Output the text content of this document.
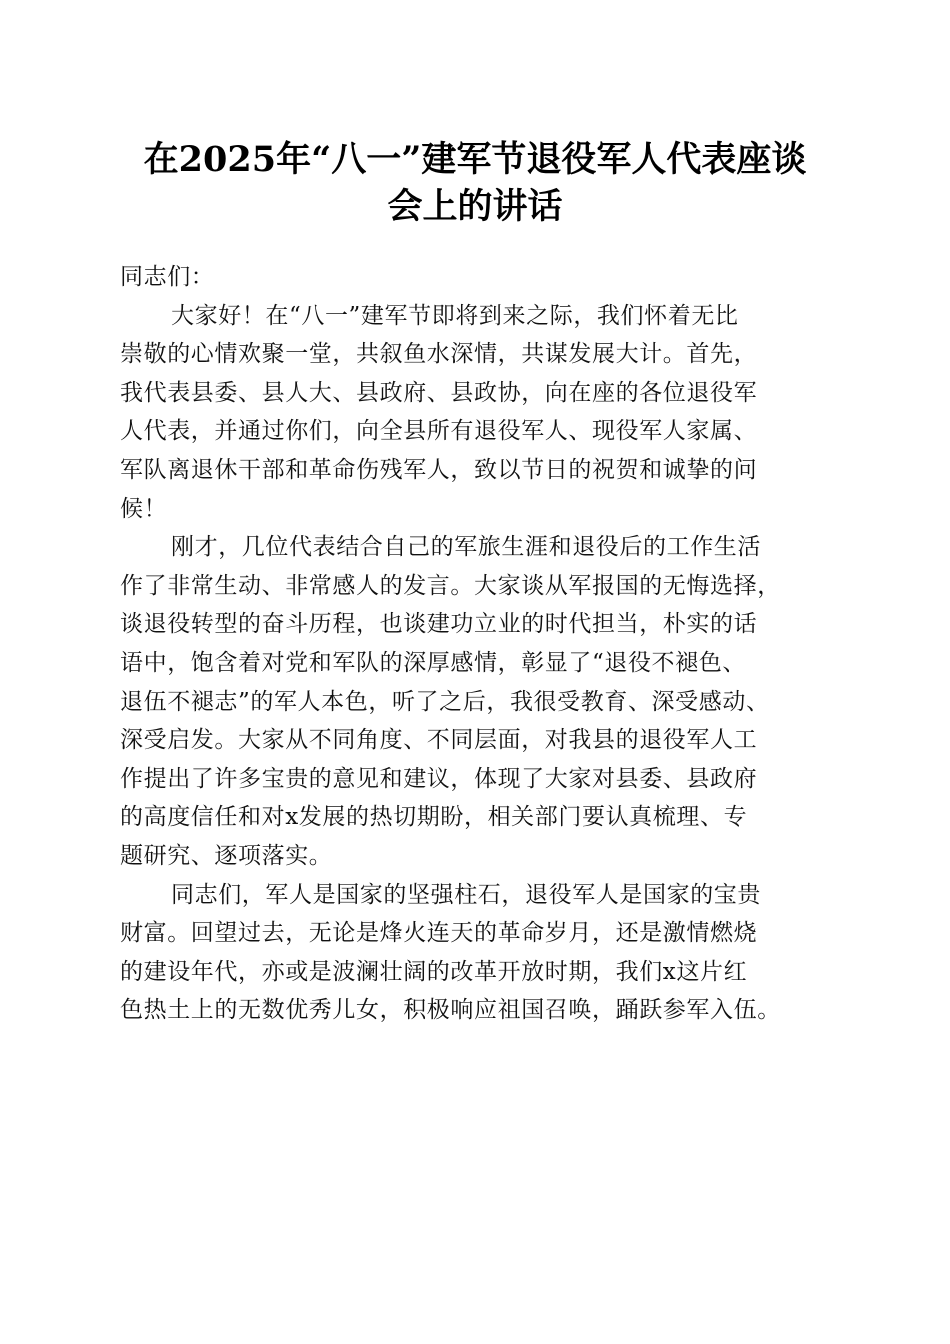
在2025年“八一”建军节退役军人代表座谈
会上的讲话
同志们：
大家好！在“八一”建军节即将到来之际，我们怀着无比
崇敬的心情欢聚一堂，共叙鱼水深情，共谋发展大计。首先，
我代表县委、县人大、县政府、县政协，向在座的各位退役军
人代表，并通过你们，向全县所有退役军人、现役军人家属、
军队离退休干部和革命伤残军人，致以节日的祝贺和诚挚的问
候！
刚才，几位代表结合自己的军旅生涯和退役后的工作生活
作了非常生动、非常感人的发言。大家谈从军报国的无悔选择，
谈退役转型的奋斗历程，也谈建功立业的时代担当，朴实的话
语中，饱含着对党和军队的深厚感情，彰显了“退役不褪色、
退伍不褪志”的军人本色，听了之后，我很受教育、深受感动、
深受启发。大家从不同角度、不同层面，对我县的退役军人工
作提出了许多宝贵的意见和建议，体现了大家对县委、县政府
的高度信任和对x发展的热切期盼，相关部门要认真梳理、专
题研究、逐项落实。
同志们，军人是国家的坚强柱石，退役军人是国家的宝贵
财富。回望过去，无论是烽火连天的革命岁月，还是激情燃烧
的建设年代，亦或是波澜壮阔的改革开放时期，我们x这片红
色热土上的无数优秀儿女，积极响应祖国召唤，踊跃参军入伍。
